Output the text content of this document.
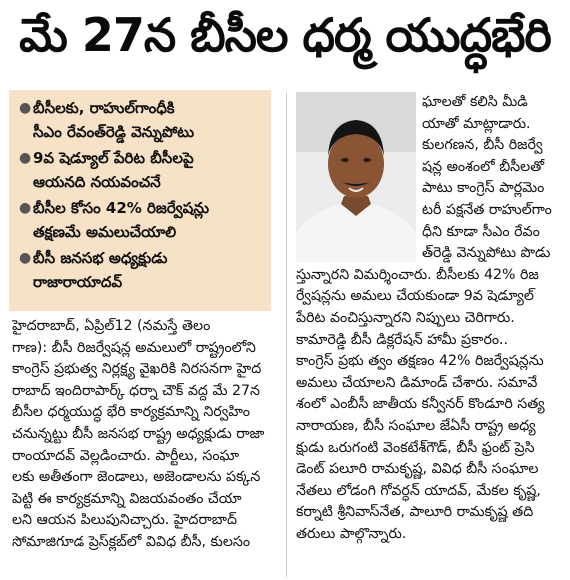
మే 27న బీసీల ధర్మ యుద్ధభేరి
● బీసీలకు, రాహుల్‌గాంధీకి
సీఎం రేవంత్‌రెడ్డి వెన్నుపోటు
● 9వ షెడ్యూల్ పేరిట బీసీలపై
ఆయనది నయవంచనే
● బీసీల కోసం 42% రిజర్వేషన్లు
తక్షణమే అమలుచేయాలి
● బీసీ జనసభ అధ్యక్షుడు
రాజారాయాదవ్
హైదరాబాద్, ఏప్రిల్12 (నమస్తే తెలం
గాణ): బీసీ రిజర్వేషన్ల అమలులో రాష్ట్రంలోని
కాంగ్రెస్ ప్రభుత్వ నిర్లక్ష్య వైఖరికి నిరసనగా హైద
రాబాద్ ఇందిరాపార్క్ ధర్నా చౌక్ వద్ద మే 27న
బీసీల ధర్మయుద్ధ భేరి కార్యక్రమాన్ని నిర్వహిం
చనున్నట్టు బీసీ జనసభ రాష్ట్ర అధ్యక్షుడు రాజా
రాంయాదవ్ వెల్లడించారు. పార్టీలు, సంఘా
లకు అతీతంగా జెండాలు, అజెండాలను పక్కన
పెట్టి ఈ కార్యక్రమాన్ని విజయవంతం చేయా
లని ఆయన పిలుపునిచ్చారు. హైదరాబాద్
సోమాజిగూడ ప్రెస్‌క్లబ్‌లో వివిధ బీసీ, కులసం
ఘాలతో కలిసి మీడి
యాతో మాట్లాడారు.
కులగణన, బీసీ రిజర్వే
షన్ల అంశంలో బీసీలతో
పాటు కాంగ్రెస్ పార్లమెం
టరీ పక్షనేత రాహుల్‌గాం
ధీని కూడా సీఎం రేవం
త్‌రెడ్డి వెన్నుపోటు పొడు
స్తున్నారని విమర్శించారు. బీసీలకు 42% రిజ
ర్వేషన్లను అమలు చేయకుండా 9వ షెడ్యూల్
పేరిట వంచిస్తున్నారని నిప్పులు చెరిగారు.
కామారెడ్డి బీసీ డిక్లరేషన్ హామీ ప్రకారం..
కాంగ్రెస్ ప్రభు త్వం తక్షణం 42% రిజర్వేషన్లను
అమలు చేయాలని డిమాండ్ చేశారు. సమావే
శంలో ఎంబీసీ జాతీయ కన్వీనర్ కొండూరి సత్య
నారాయణ, బీసీ సంఘాల జేఏసీ రాష్ట్ర అధ్య
క్షుడు ఒరుగంటి వెంకటేశ్‌గౌడ్, బీసీ ఫ్రంట్ ప్రెసి
డెంట్ పలూరి రామకృష్ణ, వివిధ బీసీ సంఘాల
నేతలు లోడంగి గోవర్ధన్ యాదవ్, మేకల కృష్ణ,
కర్నాటి శ్రీనివాస్‌నేత, పాలూరి రామకృష్ణ తది
తరులు పాల్గొన్నారు.
